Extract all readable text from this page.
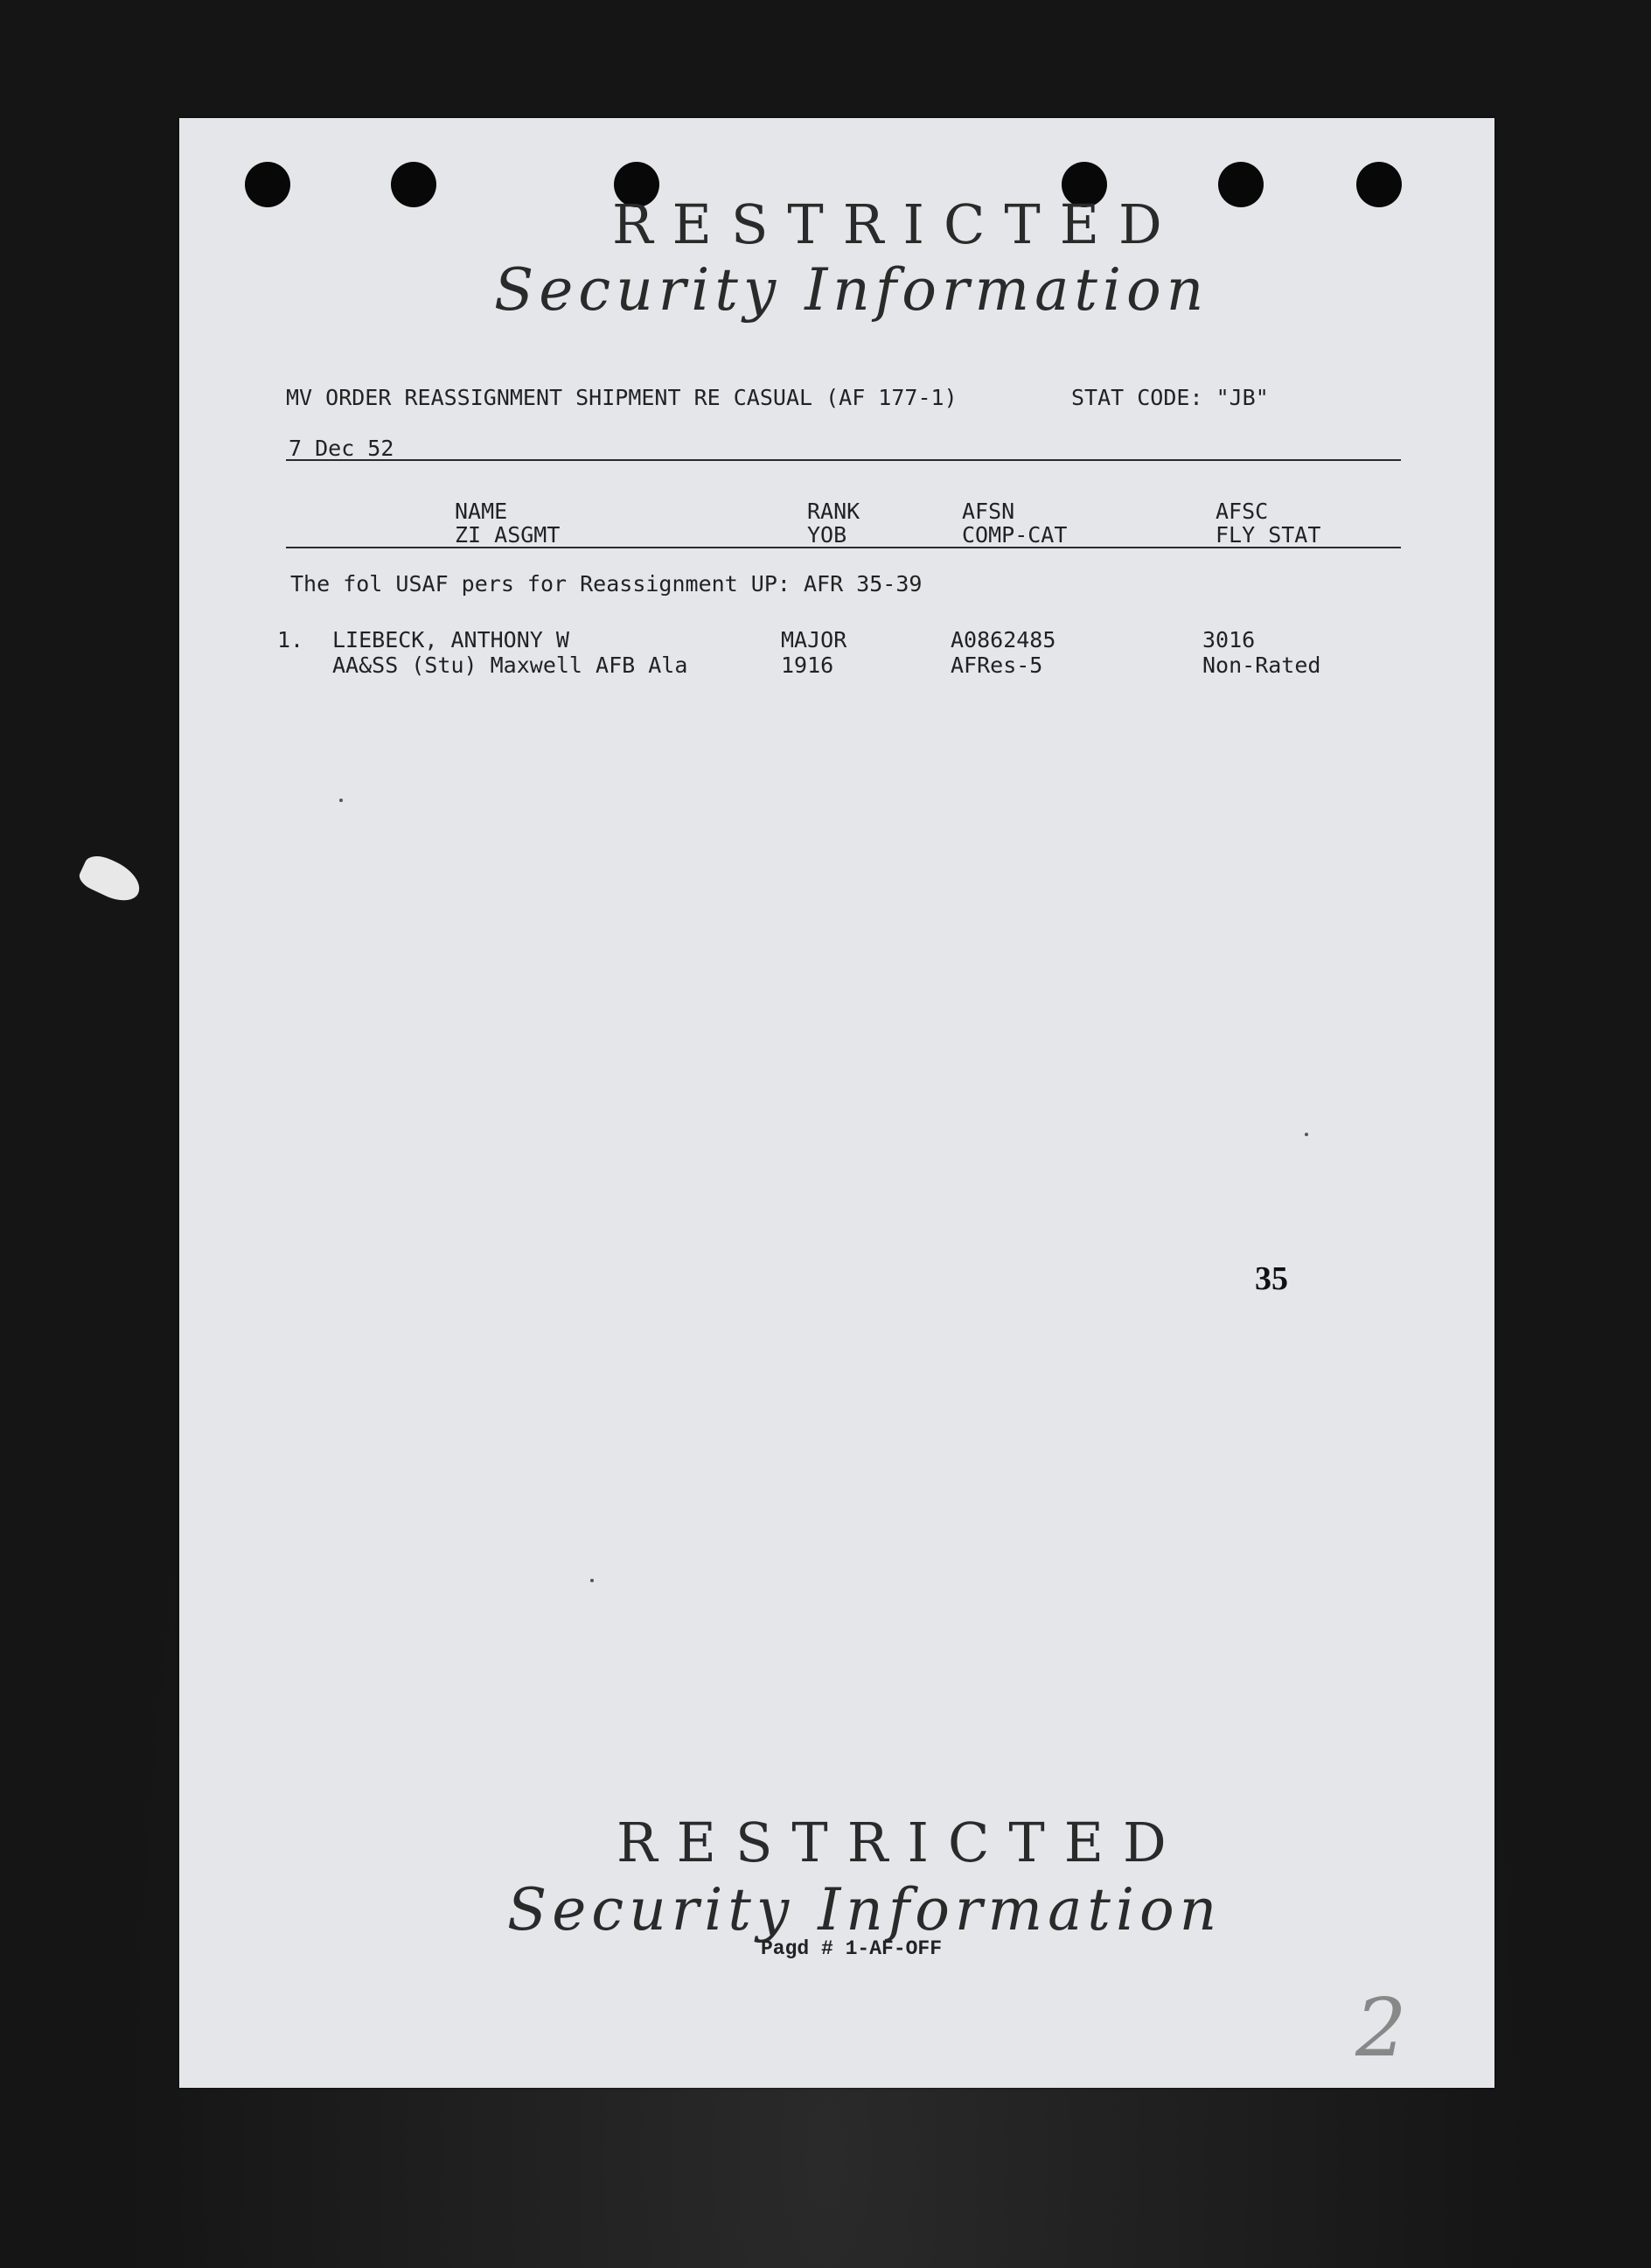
RESTRICTED
Security Information
MV ORDER REASSIGNMENT SHIPMENT RE CASUAL (AF 177-1)	STAT CODE: "JB"
7 Dec 52
NAME
ZI ASGMT
RANK
YOB
AFSN
COMP-CAT
AFSC
FLY STAT
The fol USAF pers for Reassignment UP: AFR 35-39
1. LIEBECK, ANTHONY W
AA&SS (Stu) Maxwell AFB Ala
MAJOR
1916
A0862485
AFRes-5
3016
Non-Rated
35
RESTRICTED
Security Information
Pagd # 1-AF-OFF
2
